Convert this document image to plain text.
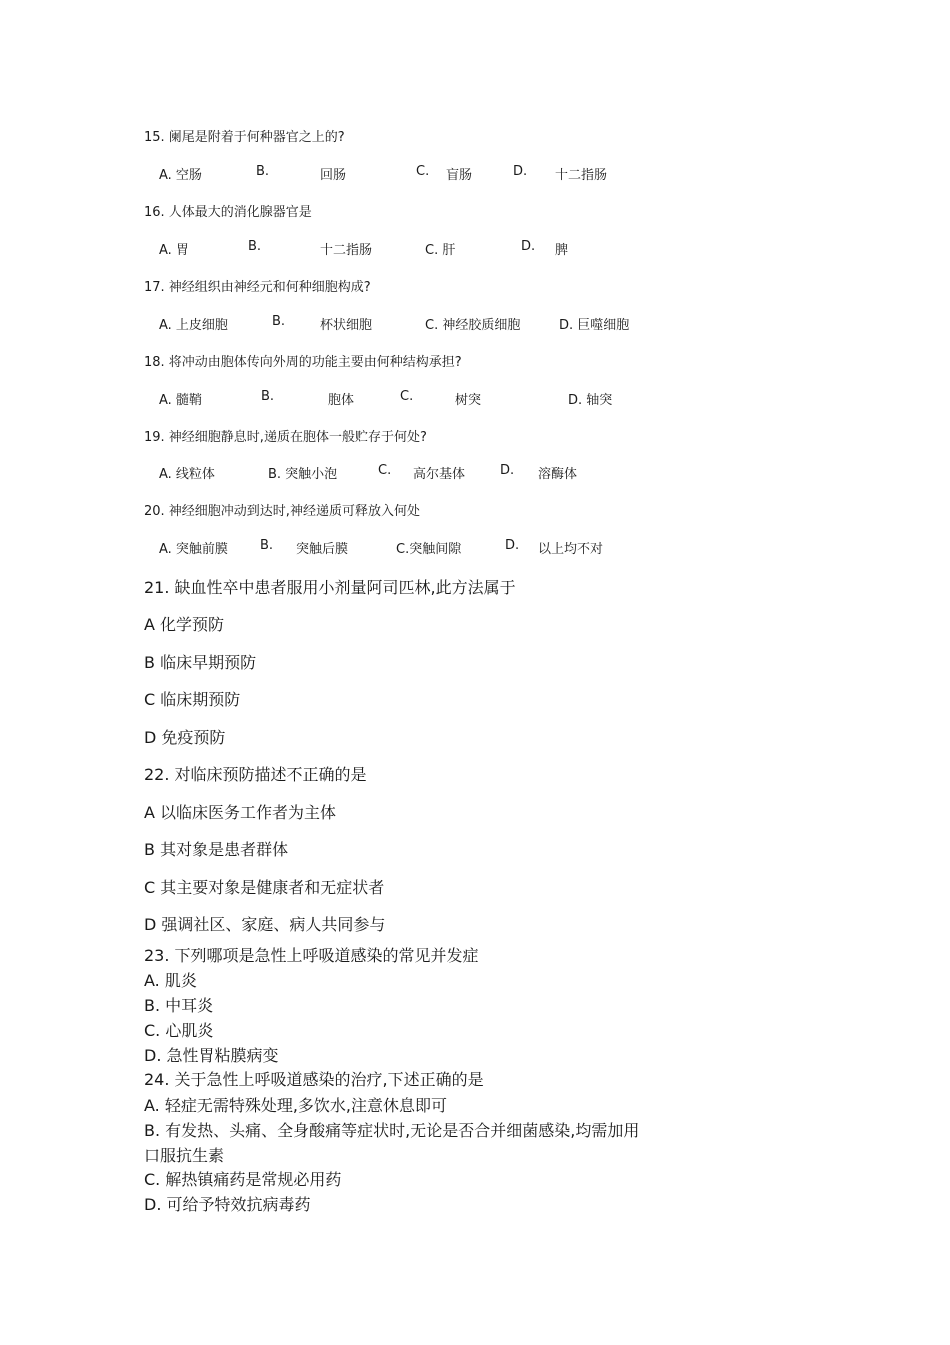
15. 阑尾是附着于何种器官之上的?
A. 空肠	B.	回肠	C. 盲肠	D. 十二指肠
16. 人体最大的消化腺器官是
A. 胃	B.	十二指肠	C. 肝	D. 脾
17. 神经组织由神经元和何种细胞构成?
A. 上皮细胞	B.	杯状细胞	C. 神经胶质细胞	D. 巨噬细胞
18. 将冲动由胞体传向外周的功能主要由何种结构承担?
A. 髓鞘	B.	胞体	C.	树突	D. 轴突
19. 神经细胞静息时,递质在胞体一般贮存于何处?
A. 线粒体	B. 突触小泡	C. 高尔基体	D. 溶酶体
20. 神经细胞冲动到达时,神经递质可释放入何处
A. 突触前膜 B. 突触后膜	C.突触间隙	D. 以上均不对
21. 缺血性卒中患者服用小剂量阿司匹林,此方法属于
A 化学预防
B 临床早期预防
C 临床期预防
D 免疫预防
22. 对临床预防描述不正确的是
A 以临床医务工作者为主体
B 其对象是患者群体
C 其主要对象是健康者和无症状者
D 强调社区、家庭、病人共同参与
23. 下列哪项是急性上呼吸道感染的常见并发症
A. 肌炎
B. 中耳炎
C. 心肌炎
D. 急性胃粘膜病变
24. 关于急性上呼吸道感染的治疗,下述正确的是
A. 轻症无需特殊处理,多饮水,注意休息即可
B. 有发热、头痛、全身酸痛等症状时,无论是否合并细菌感染,均需加用
口服抗生素
C. 解热镇痛药是常规必用药
D. 可给予特效抗病毒药
